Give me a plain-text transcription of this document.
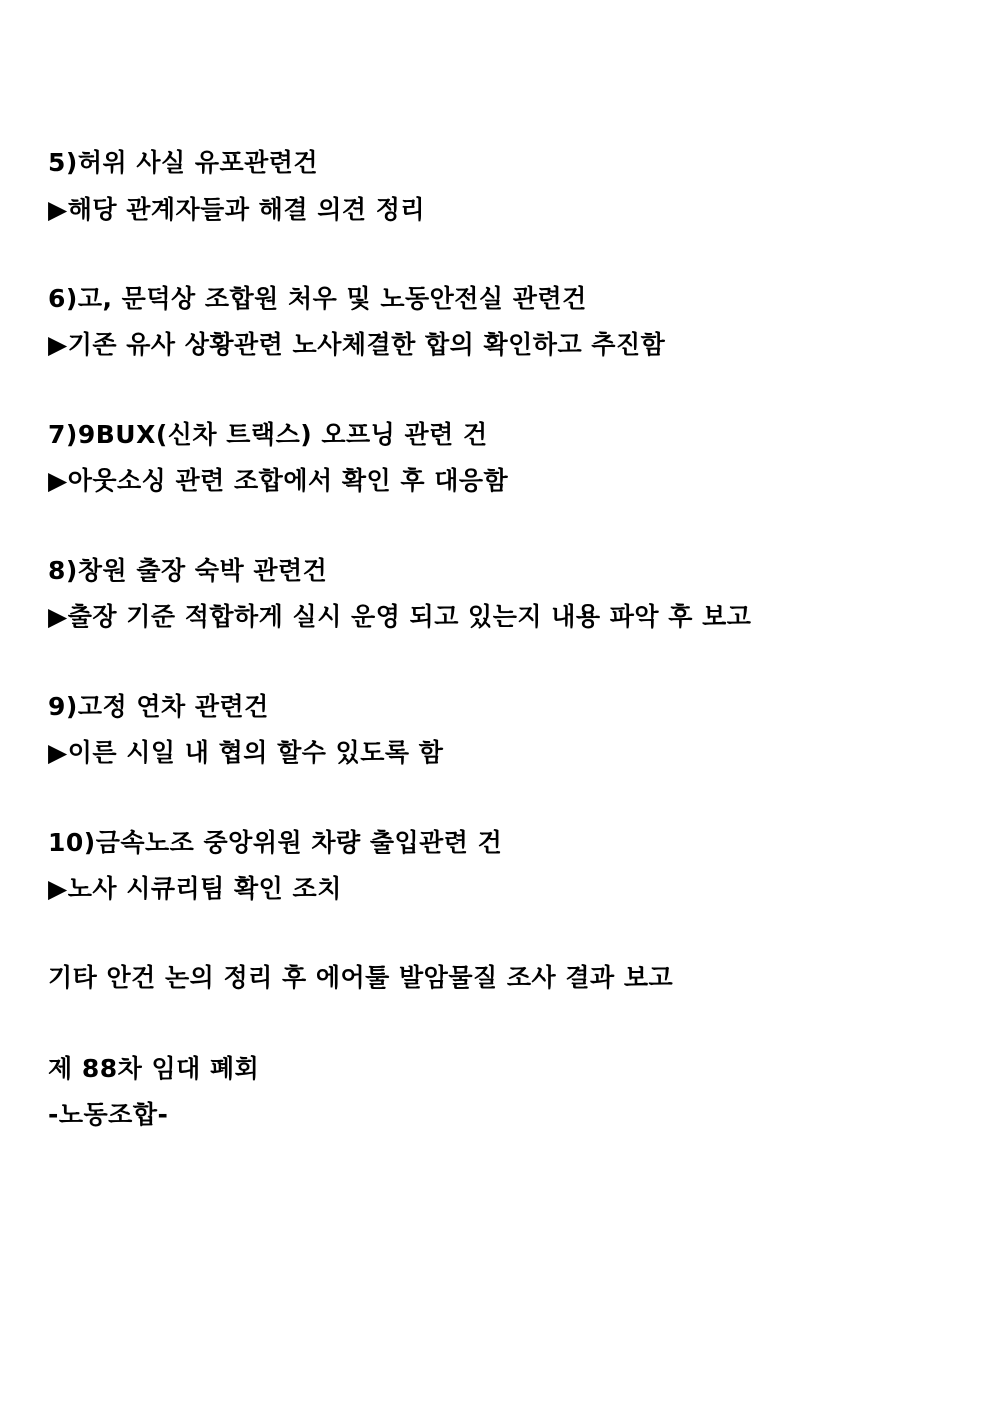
5)허위 사실 유포관련건
▶해당 관계자들과 해결 의견 정리
6)고, 문덕상 조합원 처우 및 노동안전실 관련건
▶기존 유사 상황관련 노사체결한 합의 확인하고 추진함
7)9BUX(신차 트랙스) 오프닝 관련 건
▶아웃소싱 관련 조합에서 확인 후 대응함
8)창원 출장 숙박 관련건
▶출장 기준 적합하게 실시 운영 되고 있는지 내용 파악 후 보고
9)고정 연차 관련건
▶이른 시일 내 협의 할수 있도록 함
10)금속노조 중앙위원 차량 출입관련 건
▶노사 시큐리팀 확인 조치
기타 안건 논의 정리 후 에어툴 발암물질 조사 결과 보고
제 88차 임대 폐회
-노동조합-
